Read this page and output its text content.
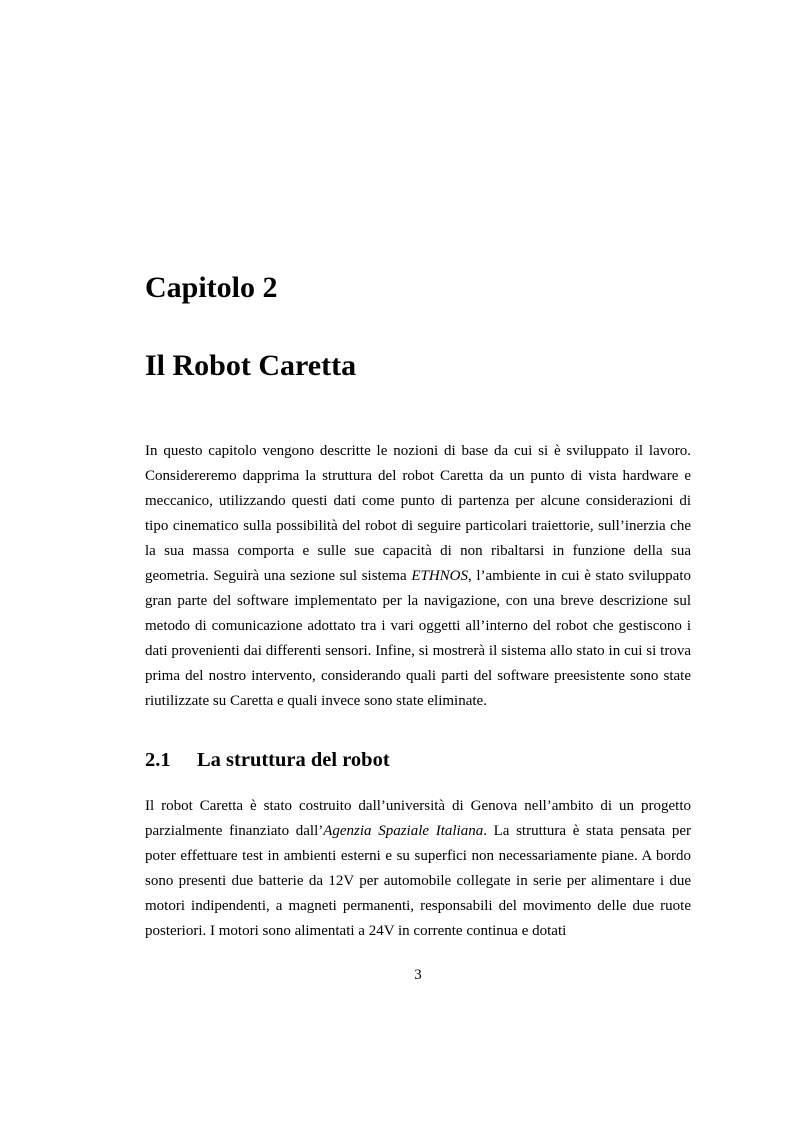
Capitolo 2
Il Robot Caretta

In questo capitolo vengono descritte le nozioni di base da cui si è sviluppato il lavoro. Considereremo dapprima la struttura del robot Caretta da un punto di vista hardware e meccanico, utilizzando questi dati come punto di partenza per alcune considerazioni di tipo cinematico sulla possibilità del robot di seguire particolari traiettorie, sull’inerzia che la sua massa comporta e sulle sue capacità di non ribaltarsi in funzione della sua geometria. Seguirà una sezione sul sistema ETHNOS, l’ambiente in cui è stato sviluppato gran parte del software implementato per la navigazione, con una breve descrizione sul metodo di comunicazione adottato tra i vari oggetti all’interno del robot che gestiscono i dati provenienti dai differenti sensori. Infine, si mostrerà il sistema allo stato in cui si trova prima del nostro intervento, considerando quali parti del software preesistente sono state riutilizzate su Caretta e quali invece sono state eliminate.

2.1 La struttura del robot

Il robot Caretta è stato costruito dall’università di Genova nell’ambito di un progetto parzialmente finanziato dall’Agenzia Spaziale Italiana. La struttura è stata pensata per poter effettuare test in ambienti esterni e su superfici non necessariamente piane. A bordo sono presenti due batterie da 12V per automobile collegate in serie per alimentare i due motori indipendenti, a magneti permanenti, responsabili del movimento delle due ruote posteriori. I motori sono alimentati a 24V in corrente continua e dotati

3
